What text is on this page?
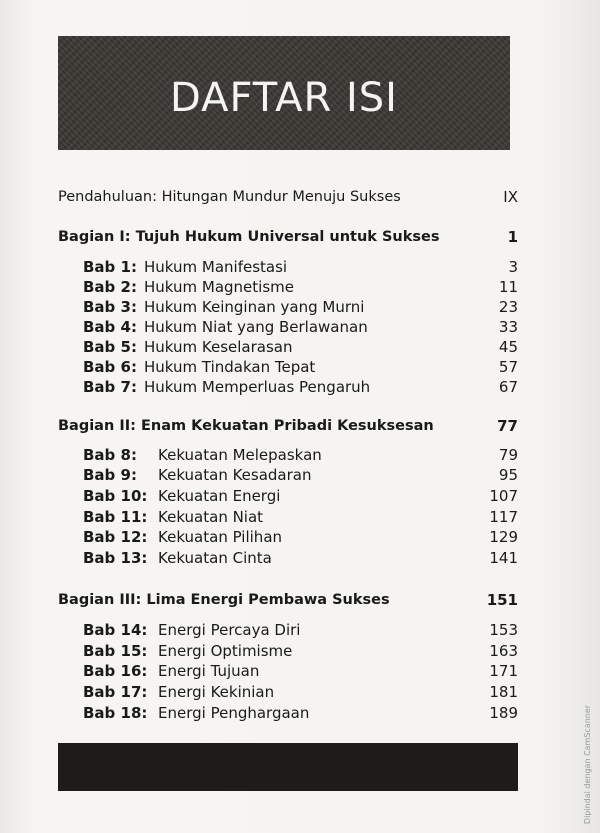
DAFTAR ISI
Pendahuluan: Hitungan Mundur Menuju Sukses	IX
Bagian I: Tujuh Hukum Universal untuk Sukses	1
Bab 1: Hukum Manifestasi	3
Bab 2: Hukum Magnetisme	11
Bab 3: Hukum Keinginan yang Murni	23
Bab 4: Hukum Niat yang Berlawanan	33
Bab 5: Hukum Keselarasan	45
Bab 6: Hukum Tindakan Tepat	57
Bab 7: Hukum Memperluas Pengaruh	67
Bagian II: Enam Kekuatan Pribadi Kesuksesan	77
Bab 8: Kekuatan Melepaskan	79
Bab 9: Kekuatan Kesadaran	95
Bab 10: Kekuatan Energi	107
Bab 11: Kekuatan Niat	117
Bab 12: Kekuatan Pilihan	129
Bab 13: Kekuatan Cinta	141
Bagian III: Lima Energi Pembawa Sukses	151
Bab 14: Energi Percaya Diri	153
Bab 15: Energi Optimisme	163
Bab 16: Energi Tujuan	171
Bab 17: Energi Kekinian	181
Bab 18: Energi Penghargaan	189	Dipindai dengan CamScanner
